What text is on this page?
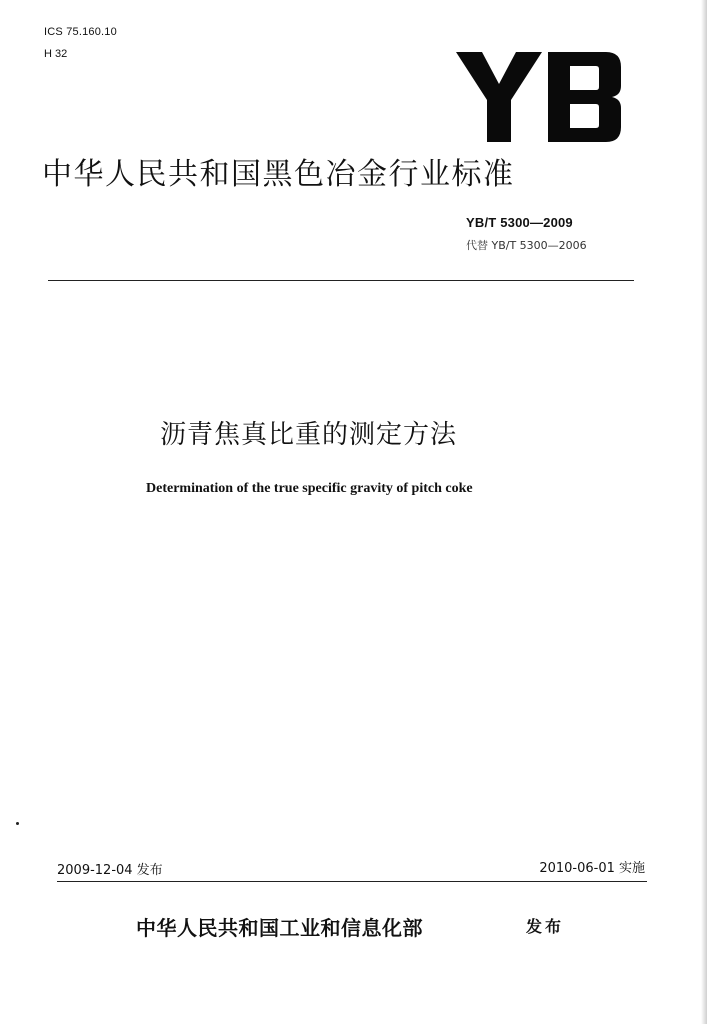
ICS 75.160.10
H 32
中华人民共和国黑色冶金行业标准
YB/T 5300—2009
代替 YB/T 5300—2006
沥青焦真比重的测定方法
Determination of the true specific gravity of pitch coke
2009-12-04 发布	2010-06-01 实施
中华人民共和国工业和信息化部	发布
